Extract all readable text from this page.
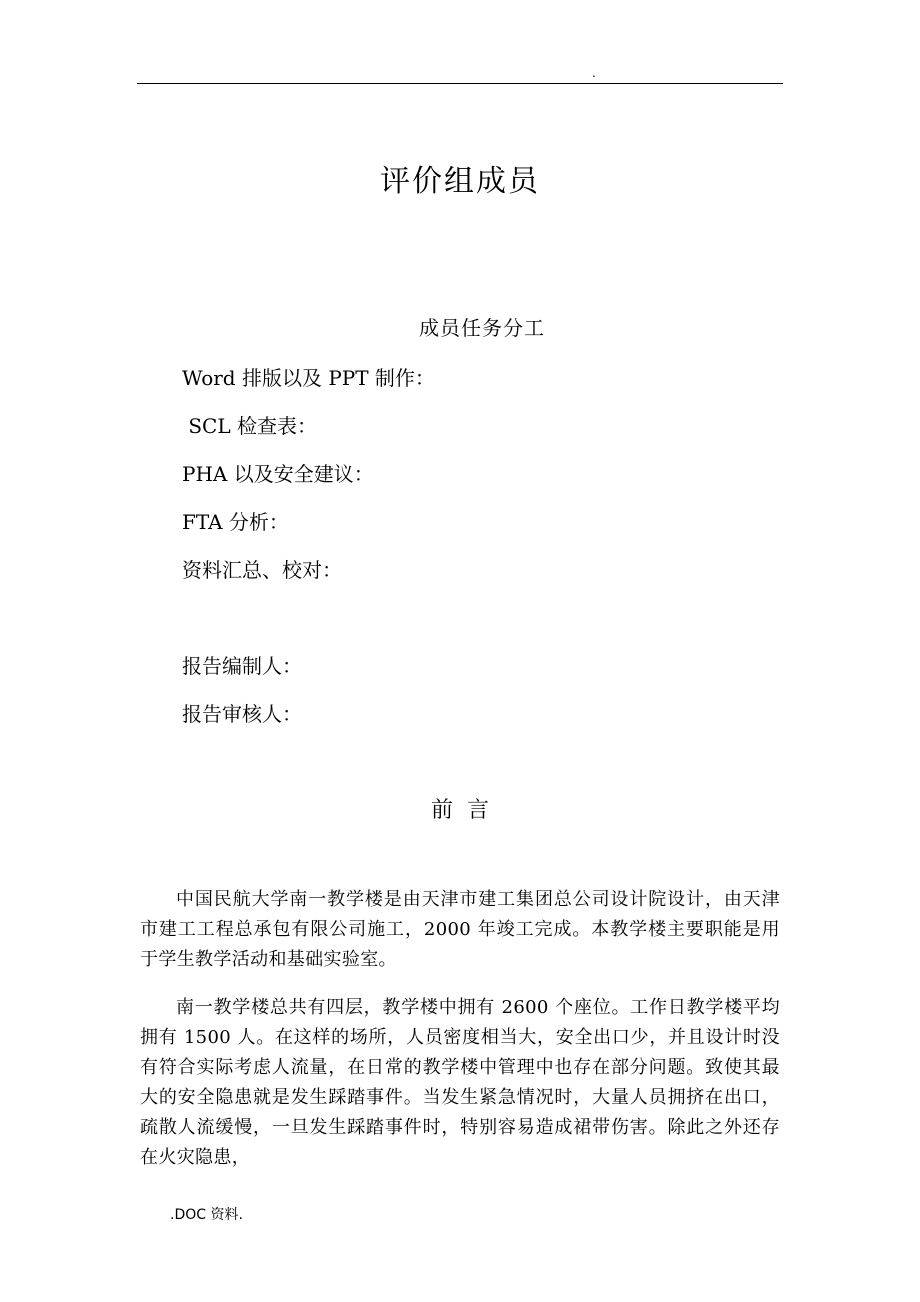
.
评价组成员
成员任务分工
Word 排版以及 PPT 制作：
SCL 检查表：
PHA 以及安全建议：
FTA 分析：
资料汇总、校对：
报告编制人：
报告审核人：
前  言
中国民航大学南一教学楼是由天津市建工集团总公司设计院设计，由天津市建工工程总承包有限公司施工，2000 年竣工完成。本教学楼主要职能是用于学生教学活动和基础实验室。
南一教学楼总共有四层，教学楼中拥有 2600 个座位。工作日教学楼平均拥有 1500 人。在这样的场所，人员密度相当大，安全出口少，并且设计时没有符合实际考虑人流量，在日常的教学楼中管理中也存在部分问题。致使其最大的安全隐患就是发生踩踏事件。当发生紧急情况时，大量人员拥挤在出口，疏散人流缓慢，一旦发生踩踏事件时，特别容易造成裙带伤害。除此之外还存在火灾隐患，
.DOC 资料.
